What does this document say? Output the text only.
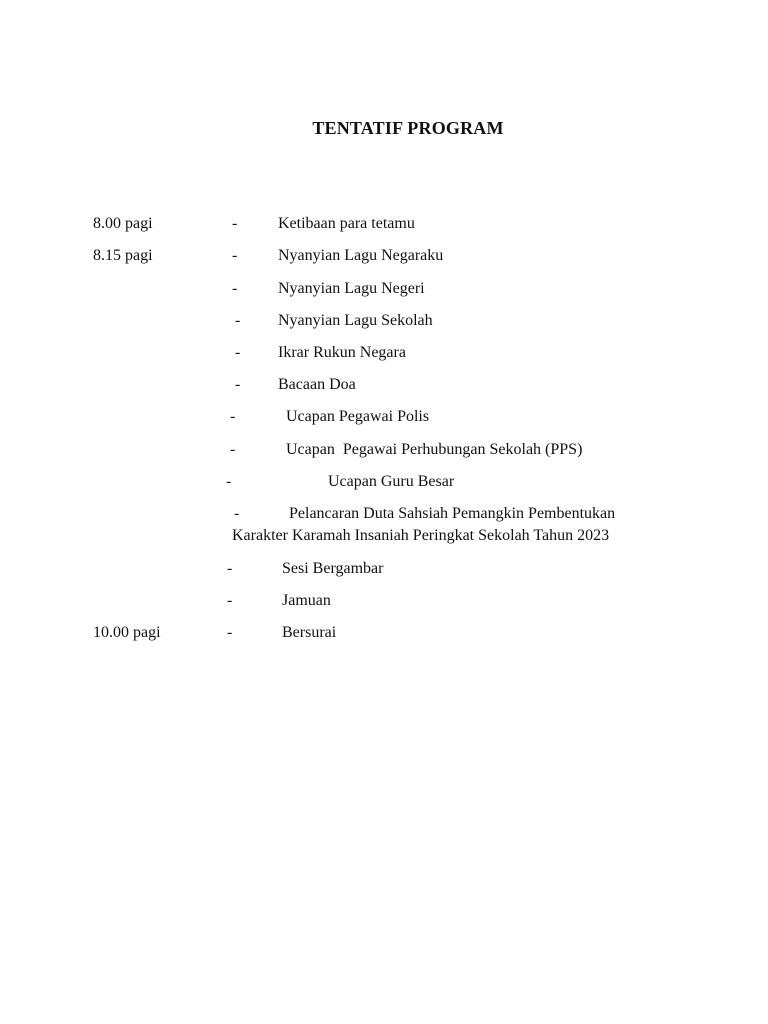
TENTATIF PROGRAM
8.00 pagi	-	Ketibaan para tetamu
8.15 pagi	-	Nyanyian Lagu Negaraku
-	Nyanyian Lagu Negeri
- Nyanyian Lagu Sekolah
- Ikrar Rukun Negara
- Bacaan Doa
-	Ucapan Pegawai Polis
-	Ucapan  Pegawai Perhubungan Sekolah (PPS)
-	Ucapan Guru Besar
-	Pelancaran Duta Sahsiah Pemangkin Pembentukan
Karakter Karamah Insaniah Peringkat Sekolah Tahun 2023
-	Sesi Bergambar
-	Jamuan
10.00 pagi	-	Bersurai
